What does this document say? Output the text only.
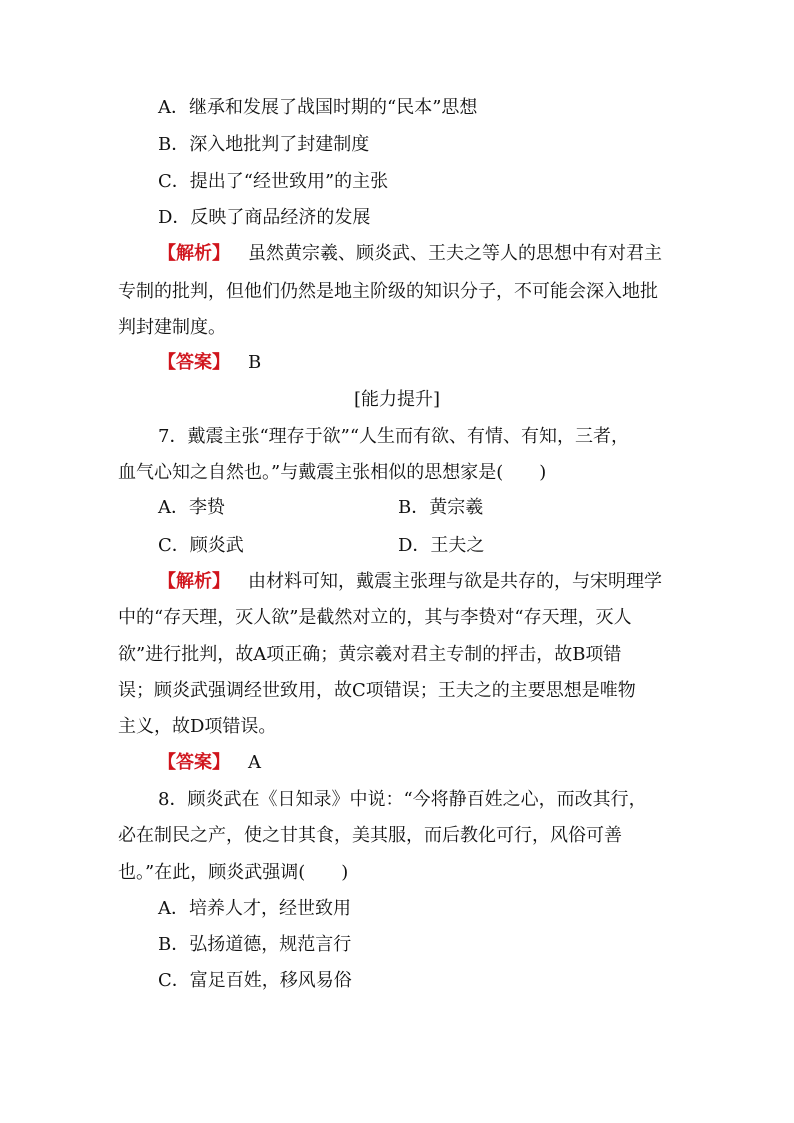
A．继承和发展了战国时期的“民本”思想
B．深入地批判了封建制度
C．提出了“经世致用”的主张
D．反映了商品经济的发展
【解析】 虽然黄宗羲、顾炎武、王夫之等人的思想中有对君主
专制的批判，但他们仍然是地主阶级的知识分子，不可能会深入地批
判封建制度。
【答案】 B
[能力提升]
7．戴震主张“理存于欲”“人生而有欲、有情、有知，三者，
血气心知之自然也。”与戴震主张相似的思想家是(　　)
A．李贽	B．黄宗羲
C．顾炎武	D．王夫之
【解析】 由材料可知，戴震主张理与欲是共存的，与宋明理学
中的“存天理，灭人欲”是截然对立的，其与李贽对“存天理，灭人
欲”进行批判，故A项正确；黄宗羲对君主专制的抨击，故B项错
误；顾炎武强调经世致用，故C项错误；王夫之的主要思想是唯物
主义，故D项错误。
【答案】 A
8．顾炎武在《日知录》中说：“今将静百姓之心，而改其行，
必在制民之产，使之甘其食，美其服，而后教化可行，风俗可善
也。”在此，顾炎武强调(　　)
A．培养人才，经世致用
B．弘扬道德，规范言行
C．富足百姓，移风易俗
